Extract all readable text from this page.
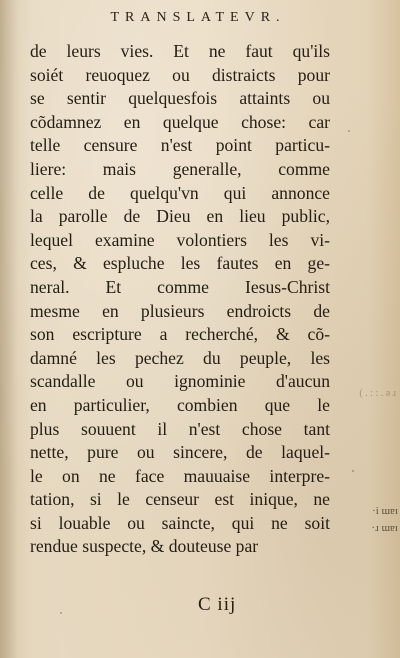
TRANSLATEVR.
de leurs vies. Et ne faut qu'ils
soiét reuoquez ou distraicts pour
se sentir quelquesfois attaints ou
cõdamnez en quelque chose: car
telle censure n'est point particu-
liere: mais generalle, comme
celle de quelqu'vn qui annonce
la parolle de Dieu en lieu public,
lequel examine volontiers les vi-
ces, & espluche les fautes en ge-
neral. Et comme Iesus-Christ
mesme en plusieurs endroicts de
son escripture a recherché, & cõ-
damné les pechez du peuple, les
scandalle ou ignominie d'aucun
en particulier, combien que le
plus souuent il n'est chose tant
nette, pure ou sincere, de laquel-
le on ne face mauuaise interpre-
tation, si le censeur est inique, ne
si louable ou saincte, qui ne soit
rendue suspecte, & douteuse par
C iij
( . : : . ǝ ɹ
·i ɯɐɪ
·ɹ ɯɐɪ
